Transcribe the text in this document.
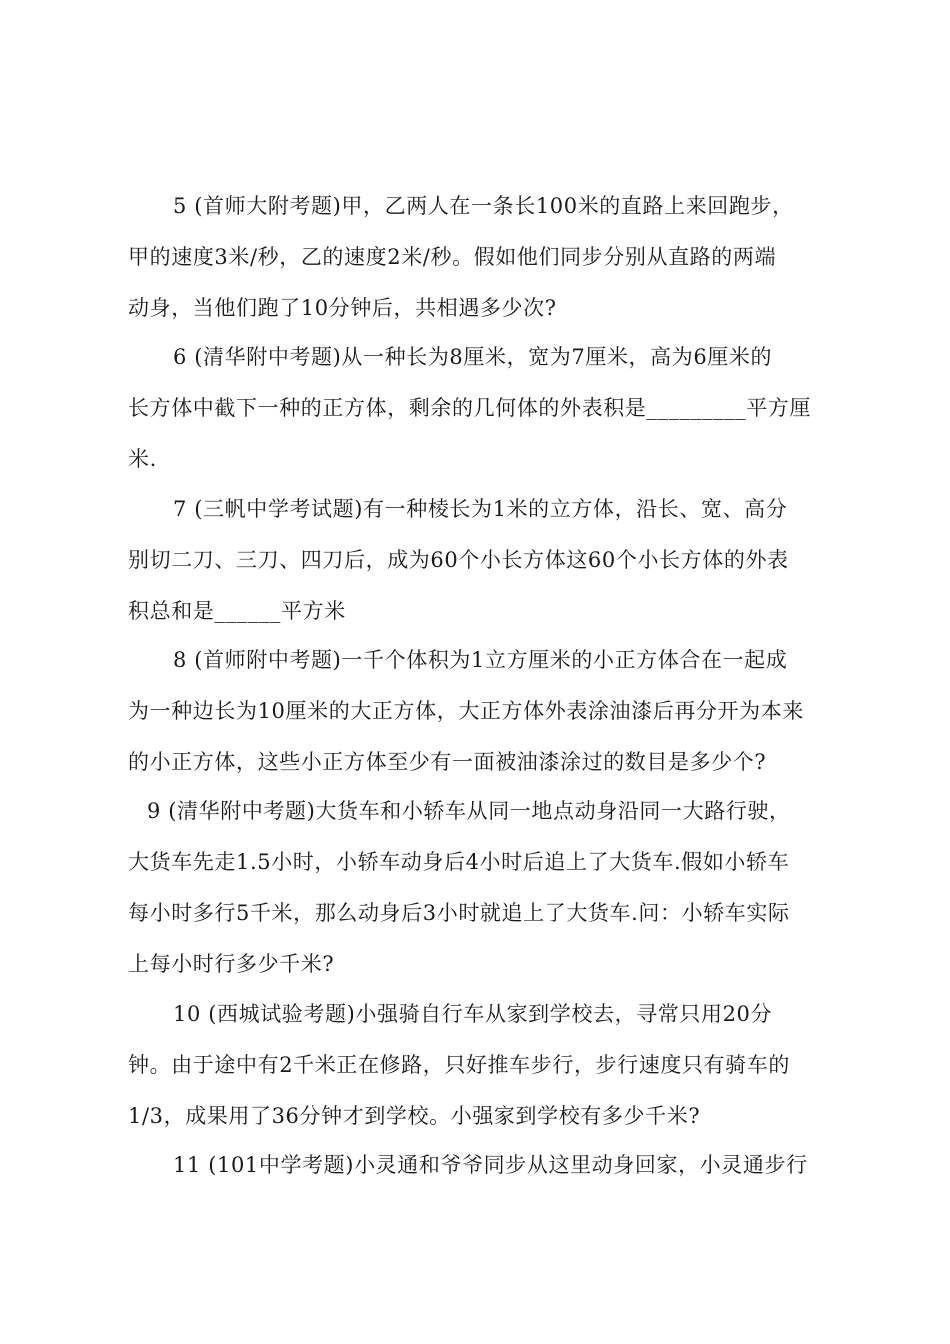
5 (首师大附考题)甲，乙两人在一条长100米的直路上来回跑步，
甲的速度3米/秒，乙的速度2米/秒。假如他们同步分别从直路的两端
动身，当他们跑了10分钟后，共相遇多少次?
6 (清华附中考题)从一种长为8厘米，宽为7厘米，高为6厘米的
长方体中截下一种的正方体，剩余的几何体的外表积是_________平方厘
米.
7 (三帆中学考试题)有一种棱长为1米的立方体，沿长、宽、高分
别切二刀、三刀、四刀后，成为60个小长方体这60个小长方体的外表
积总和是______平方米
8 (首师附中考题)一千个体积为1立方厘米的小正方体合在一起成
为一种边长为10厘米的大正方体，大正方体外表涂油漆后再分开为本来
的小正方体，这些小正方体至少有一面被油漆涂过的数目是多少个?
9 (清华附中考题)大货车和小轿车从同一地点动身沿同一大路行驶，
大货车先走1.5小时，小轿车动身后4小时后追上了大货车.假如小轿车
每小时多行5千米，那么动身后3小时就追上了大货车.问：小轿车实际
上每小时行多少千米?
10 (西城试验考题)小强骑自行车从家到学校去，寻常只用20分
钟。由于途中有2千米正在修路，只好推车步行，步行速度只有骑车的
1/3，成果用了36分钟才到学校。小强家到学校有多少千米?
11 (101中学考题)小灵通和爷爷同步从这里动身回家，小灵通步行
